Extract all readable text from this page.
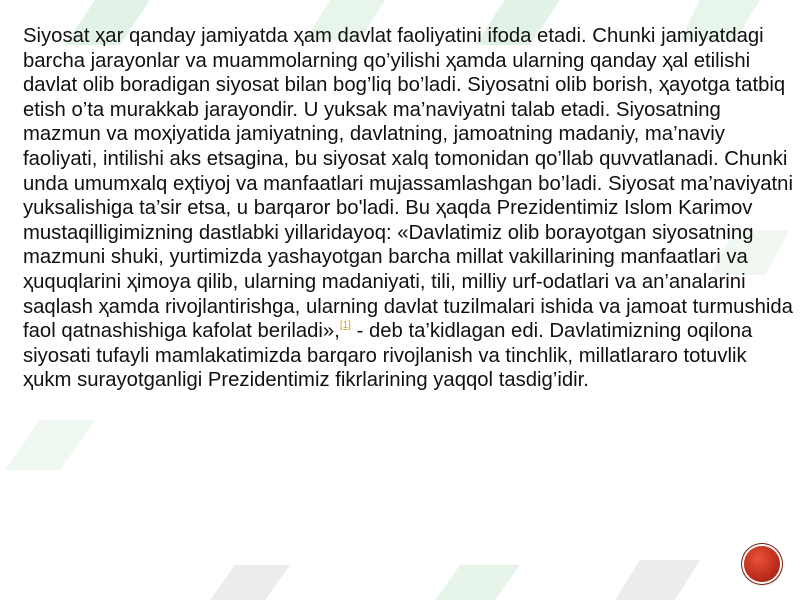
Siyosat ҳar qanday jamiyatda ҳam davlat faoliyatini ifoda etadi. Chunki jamiyatdagi barcha jarayonlar va muammolarning qo’yilishi ҳamda ularning qanday ҳal etilishi davlat olib boradigan siyosat bilan bog’liq bo’ladi. Siyosatni olib borish, ҳayotga tatbiq etish o’ta murakkab jarayondir. U yuksak ma’naviyatni talab etadi. Siyosatning mazmun va moҳiyatida jamiyatning, davlatning, jamoatning madaniy, ma’naviy faoliyati, intilishi aks etsagina, bu siyosat xalq tomonidan qo’llab quvvatlanadi. Chunki unda umumxalq eҳtiyoj va manfaatlari mujassamlashgan bo’ladi. Siyosat ma’naviyatni yuksalishiga ta’sir etsa, u barqaror bo'ladi. Bu ҳaqda Prezidentimiz Islom Karimov mustaqilligimizning dastlabki yillaridayoq: «Davlatimiz olib borayotgan siyosatning mazmuni shuki, yurtimizda yashayotgan barcha millat vakillarining manfaatlari va ҳuquqlarini ҳimoya qilib, ularning madaniyati, tili, milliy urf-odatlari va an’analarini saqlash ҳamda rivojlantirishga, ularning davlat tuzilmalari ishida va jamoat turmushida faol qatnashishiga kafolat beriladi»,[1] - deb ta’kidlagan edi. Davlatimizning oqilona siyosati tufayli mamlakatimizda barqaro rivojlanish va tinchlik, millatlararo totuvlik ҳukm surayotganligi Prezidentimiz fikrlarining yaqqol tasdig’idir.
